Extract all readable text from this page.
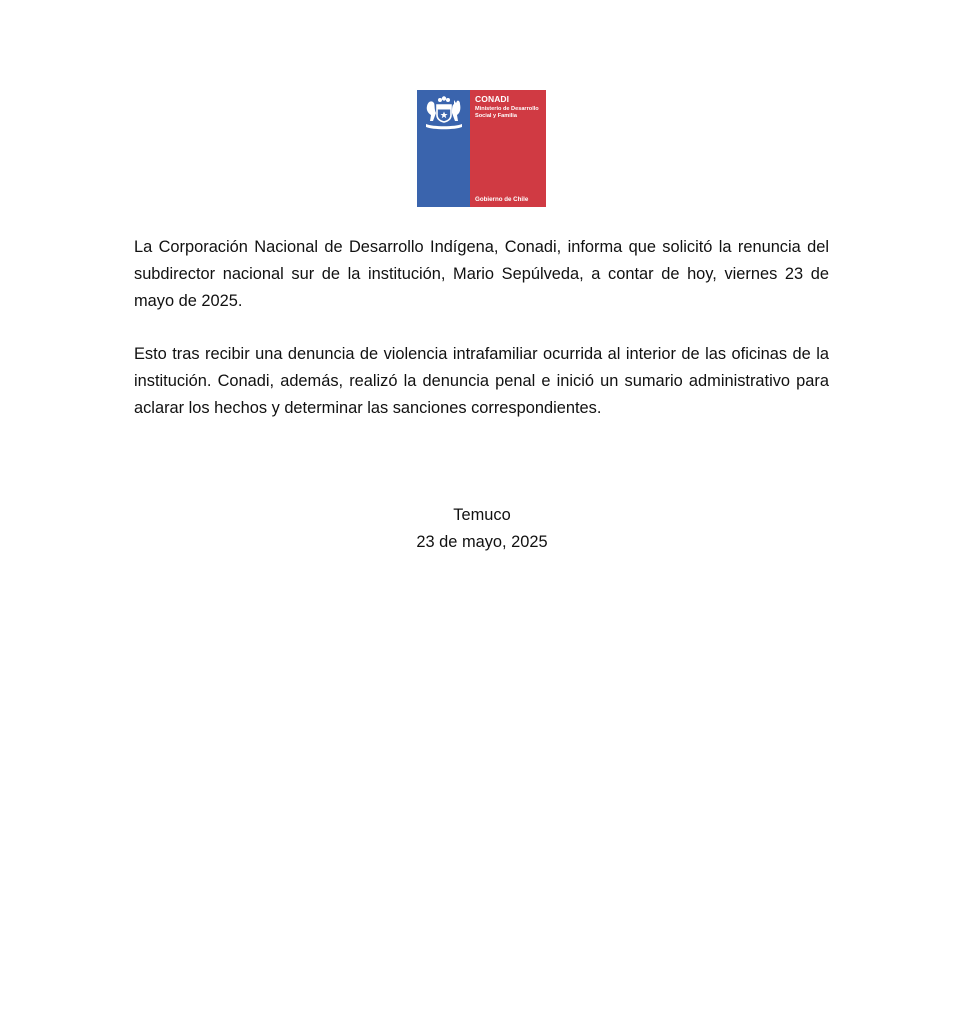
CONADI
Ministerio de Desarrollo Social y Familia
Gobierno de Chile

La Corporación Nacional de Desarrollo Indígena, Conadi, informa que solicitó la renuncia del subdirector nacional sur de la institución, Mario Sepúlveda, a contar de hoy, viernes 23 de mayo de 2025.

Esto tras recibir una denuncia de violencia intrafamiliar ocurrida al interior de las oficinas de la institución. Conadi, además, realizó la denuncia penal e inició un sumario administrativo para aclarar los hechos y determinar las sanciones correspondientes.

Temuco
23 de mayo, 2025
